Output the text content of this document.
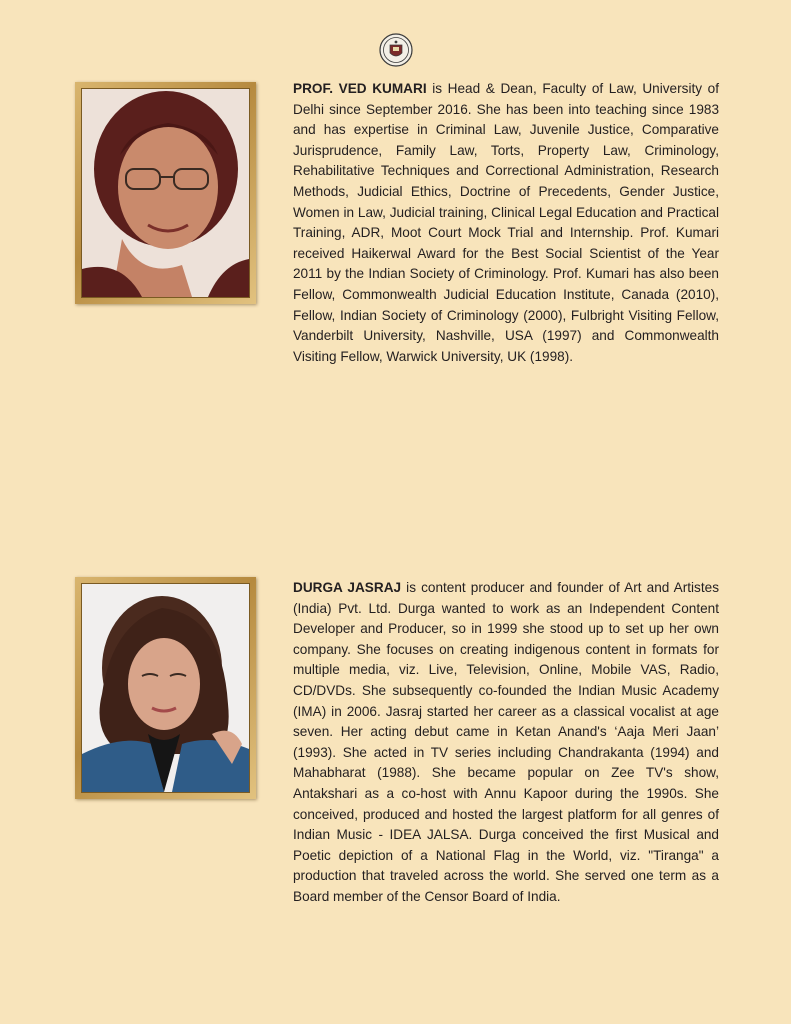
PROF. VED KUMARI is Head & Dean, Faculty of Law, University of Delhi since September 2016. She has been into teaching since 1983 and has expertise in Criminal Law, Juvenile Justice, Comparative Jurisprudence, Family Law, Torts, Property Law, Criminology, Rehabilitative Techniques and Correctional Administration, Research Methods, Judicial Ethics, Doctrine of Precedents, Gender Justice, Women in Law, Judicial training, Clinical Legal Education and Practical Training, ADR, Moot Court Mock Trial and Internship. Prof. Kumari received Haikerwal Award for the Best Social Scientist of the Year 2011 by the Indian Society of Criminology. Prof. Kumari has also been Fellow, Commonwealth Judicial Education Institute, Canada (2010), Fellow, Indian Society of Criminology (2000), Fulbright Visiting Fellow, Vanderbilt University, Nashville, USA (1997) and Commonwealth Visiting Fellow, Warwick University, UK (1998).

DURGA JASRAJ is content producer and founder of Art and Artistes (India) Pvt. Ltd. Durga wanted to work as an Independent Content Developer and Producer, so in 1999 she stood up to set up her own company. She focuses on creating indigenous content in formats for multiple media, viz. Live, Television, Online, Mobile VAS, Radio, CD/DVDs. She subsequently co-founded the Indian Music Academy (IMA) in 2006. Jasraj started her career as a classical vocalist at age seven. Her acting debut came in Ketan Anand's ‘Aaja Meri Jaan’ (1993). She acted in TV series including Chandrakanta (1994) and Mahabharat (1988). She became popular on Zee TV's show, Antakshari as a co-host with Annu Kapoor during the 1990s. She conceived, produced and hosted the largest platform for all genres of Indian Music - IDEA JALSA. Durga conceived the first Musical and Poetic depiction of a National Flag in the World, viz. "Tiranga" a production that traveled across the world. She served one term as a Board member of the Censor Board of India.
